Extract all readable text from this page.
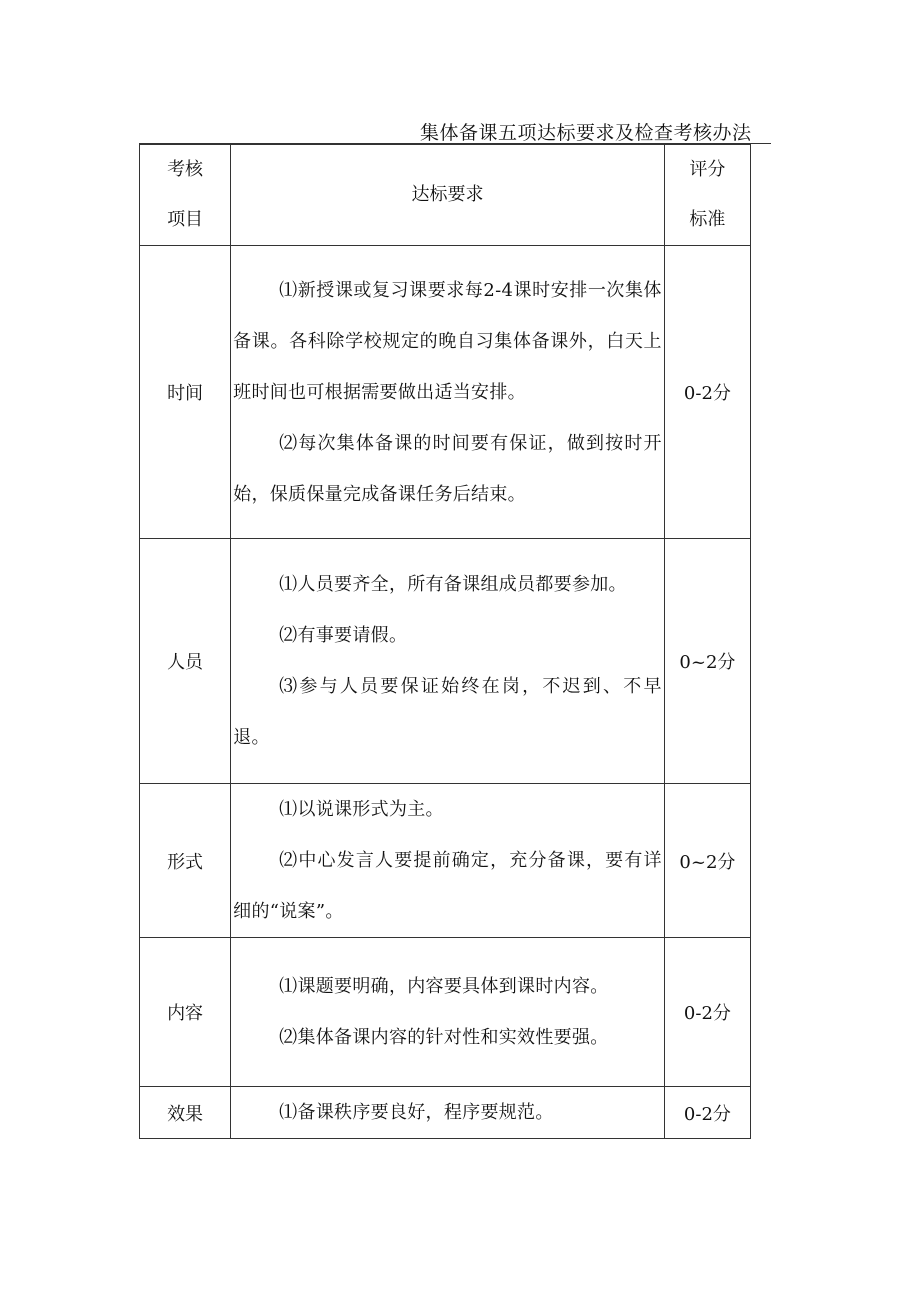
集体备课五项达标要求及检查考核办法
考核
项目	达标要求	评分
标准

时间	⑴新授课或复习课要求每2-4课时安排一次集体备课。各科除学校规定的晚自习集体备课外，白天上班时间也可根据需要做出适当安排。

⑵每次集体备课的时间要有保证，做到按时开始，保质保量完成备课任务后结束。	0-2分
人员	⑴人员要齐全，所有备课组成员都要参加。

⑵有事要请假。

⑶参与人员要保证始终在岗，不迟到、不早退。	0~2分
形式	⑴以说课形式为主。

⑵中心发言人要提前确定，充分备课，要有详细的“说案”。	0~2分
内容	⑴课题要明确，内容要具体到课时内容。

⑵集体备课内容的针对性和实效性要强。	0-2分
效果	⑴备课秩序要良好，程序要规范。	0-2分
